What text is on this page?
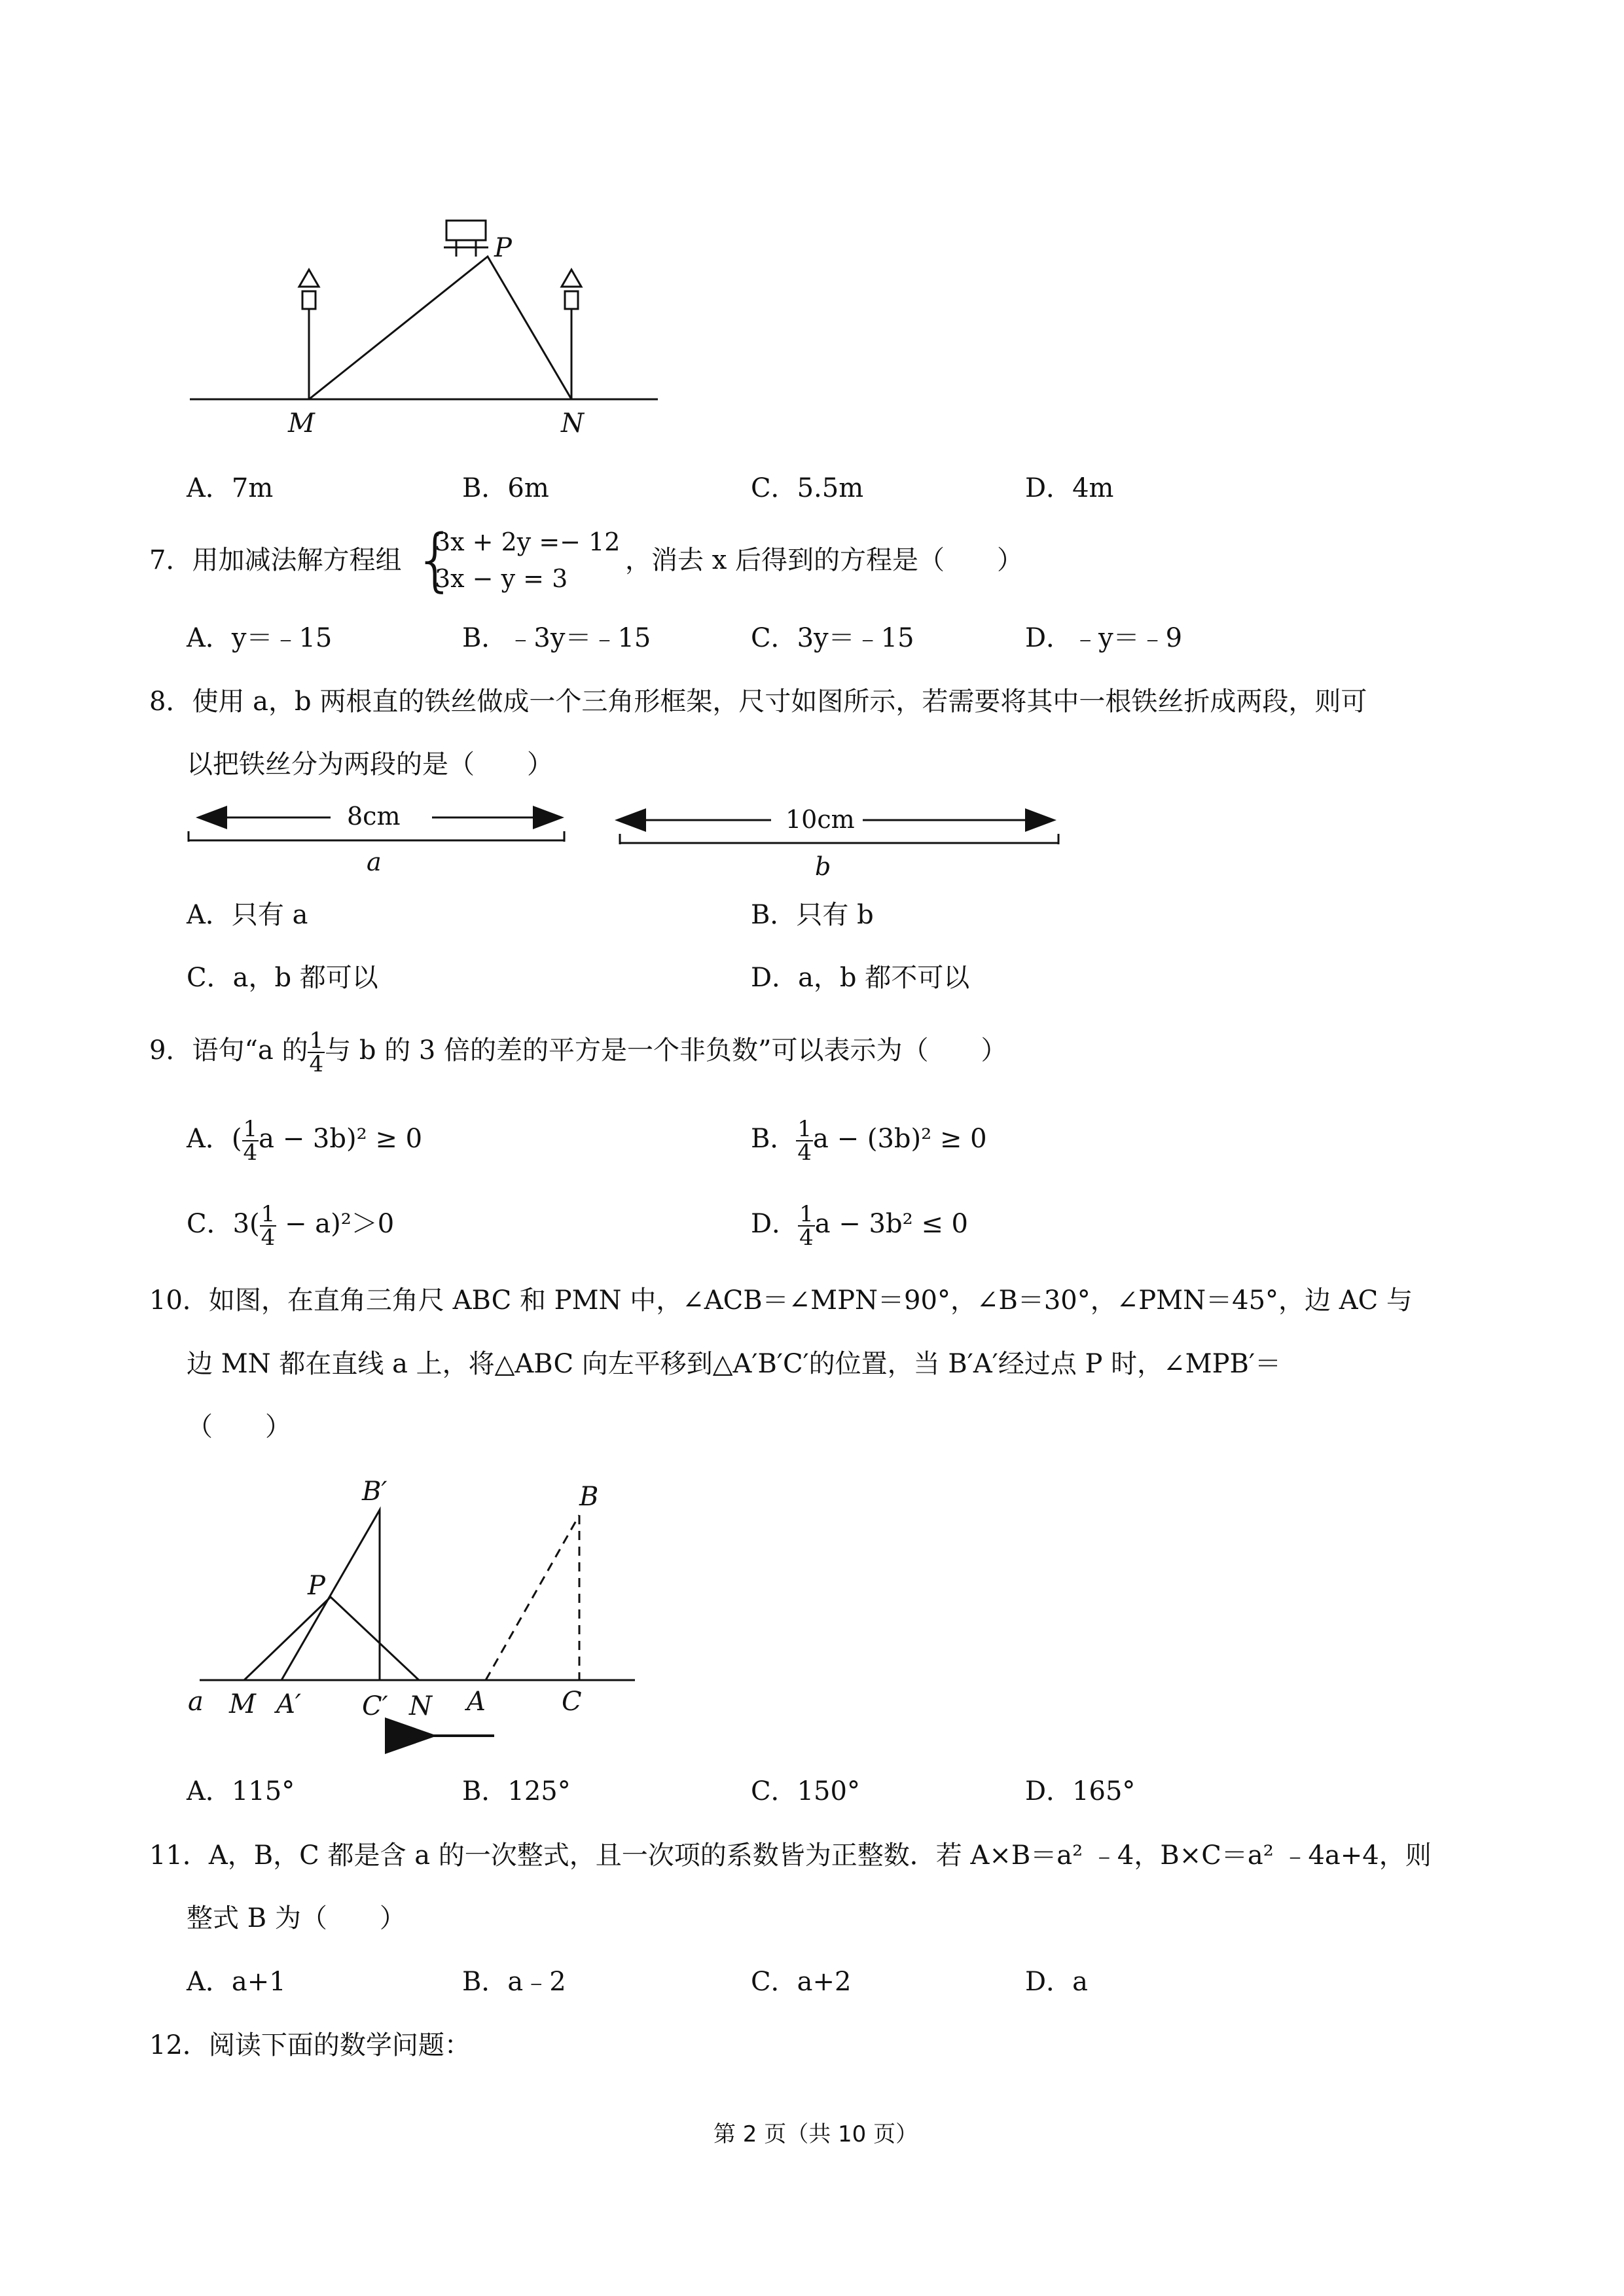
P
M	N
A．7m	B．6m	C．5.5m	D．4m
7．用加减法解方程组 {
3x + 2y =− 12
3x − y = 3
，消去 x 后得到的方程是（　　）
A．y＝﹣15	B．﹣3y＝﹣15	C．3y＝﹣15	D．﹣y＝﹣9
8．使用 a，b 两根直的铁丝做成一个三角形框架，尺寸如图所示，若需要将其中一根铁丝折成两段，则可
以把铁丝分为两段的是（　　）
8cm
a
10cm
b
A．只有 a	B．只有 b
C．a，b 都可以	D．a，b 都不可以
9．语句“a 的 $\frac{1}{4}$ 与 b 的 3 倍的差的平方是一个非负数”可以表示为（　　）
A．( $\frac{1}{4}$ a − 3b)² ≥ 0	B． $\frac{1}{4}$ a − (3b)² ≥ 0
C．$3( \frac{1}{4} - a)^2>0$	D． $\frac{1}{4}$ a − 3b² ≤ 0
10．如图，在直角三角尺 ABC 和 PMN 中，∠ACB＝∠MPN＝90°，∠B＝30°，∠PMN＝45°，边 AC 与
边 MN 都在直线 a 上，将△ABC 向左平移到△A′B′C′的位置，当 B′A′经过点 P 时，∠MPB′＝
（　　）
B′	B
P
a M A′ C′ N A	C
A．115°	B．125°	C．150°	D．165°
11．A，B，C 都是含 a 的一次整式，且一次项的系数皆为正整数．若 A×B＝a² ﹣4，B×C＝a² ﹣4a+4，则
整式 B 为（　　）
A．a+1	B．a﹣2	C．a+2	D．a
12．阅读下面的数学问题：
第 2 页（共 10 页）
